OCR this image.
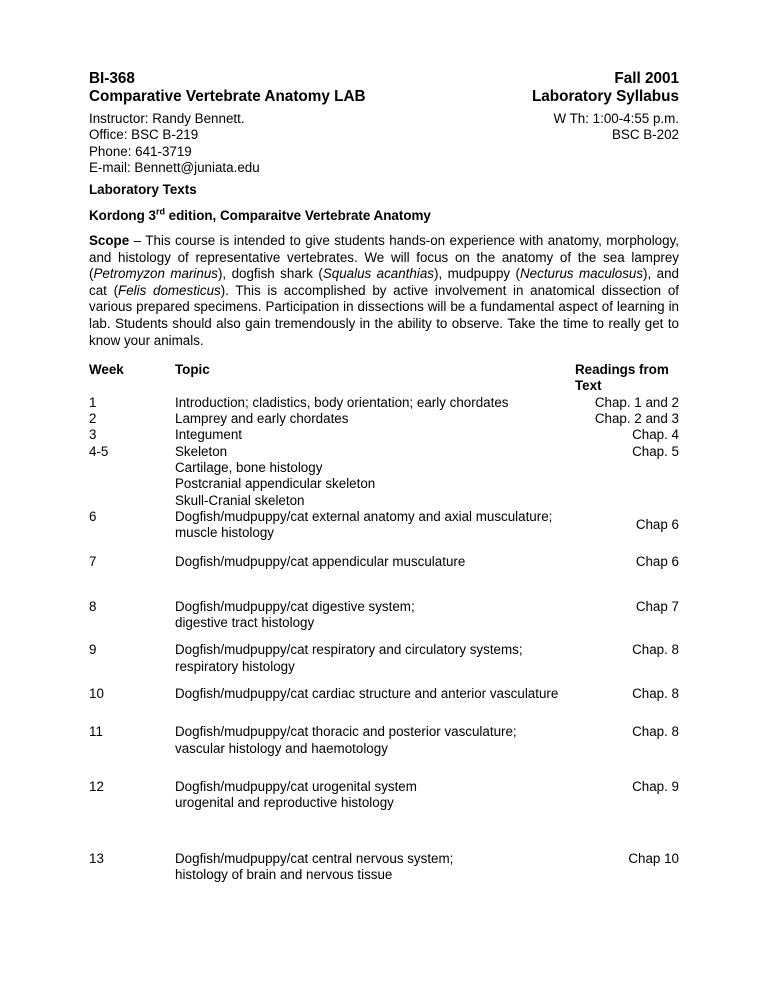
BI-368
Comparative Vertebrate Anatomy LAB
Instructor: Randy Bennett.
Office: BSC B-219
Phone: 641-3719
E-mail: Bennett@juniata.edu
Fall 2001
Laboratory Syllabus
W Th: 1:00-4:55 p.m.
BSC B-202
Laboratory Texts
Kordong 3rd edition, Comparaitve Vertebrate Anatomy
Scope – This course is intended to give students hands-on experience with anatomy, morphology, and histology of representative vertebrates. We will focus on the anatomy of the sea lamprey (Petromyzon marinus), dogfish shark (Squalus acanthias), mudpuppy (Necturus maculosus), and cat (Felis domesticus). This is accomplished by active involvement in anatomical dissection of various prepared specimens. Participation in dissections will be a fundamental aspect of learning in lab. Students should also gain tremendously in the ability to observe. Take the time to really get to know your animals.
Week	Topic	Readings from Text
1	Introduction; cladistics, body orientation; early chordates	Chap. 1 and 2
2	Lamprey and early chordates	Chap. 2 and 3
3	Integument	Chap. 4
4-5	Skeleton	Chap. 5
	Cartilage, bone histology	
	Postcranial appendicular skeleton	
	Skull-Cranial skeleton	
6	Dogfish/mudpuppy/cat external anatomy and axial musculature;
muscle histology	Chap 6

7	Dogfish/mudpuppy/cat appendicular musculature	Chap 6

8	Dogfish/mudpuppy/cat digestive system;
digestive tract histology	Chap 7

9	Dogfish/mudpuppy/cat respiratory and circulatory systems;
respiratory histology	Chap. 8

10	Dogfish/mudpuppy/cat cardiac structure and anterior vasculature	Chap. 8

11	Dogfish/mudpuppy/cat thoracic and posterior vasculature;
vascular histology and haemotology	Chap. 8

12	Dogfish/mudpuppy/cat urogenital system
urogenital and reproductive histology	Chap. 9

13	Dogfish/mudpuppy/cat central nervous system;
histology of brain and nervous tissue	Chap 10
